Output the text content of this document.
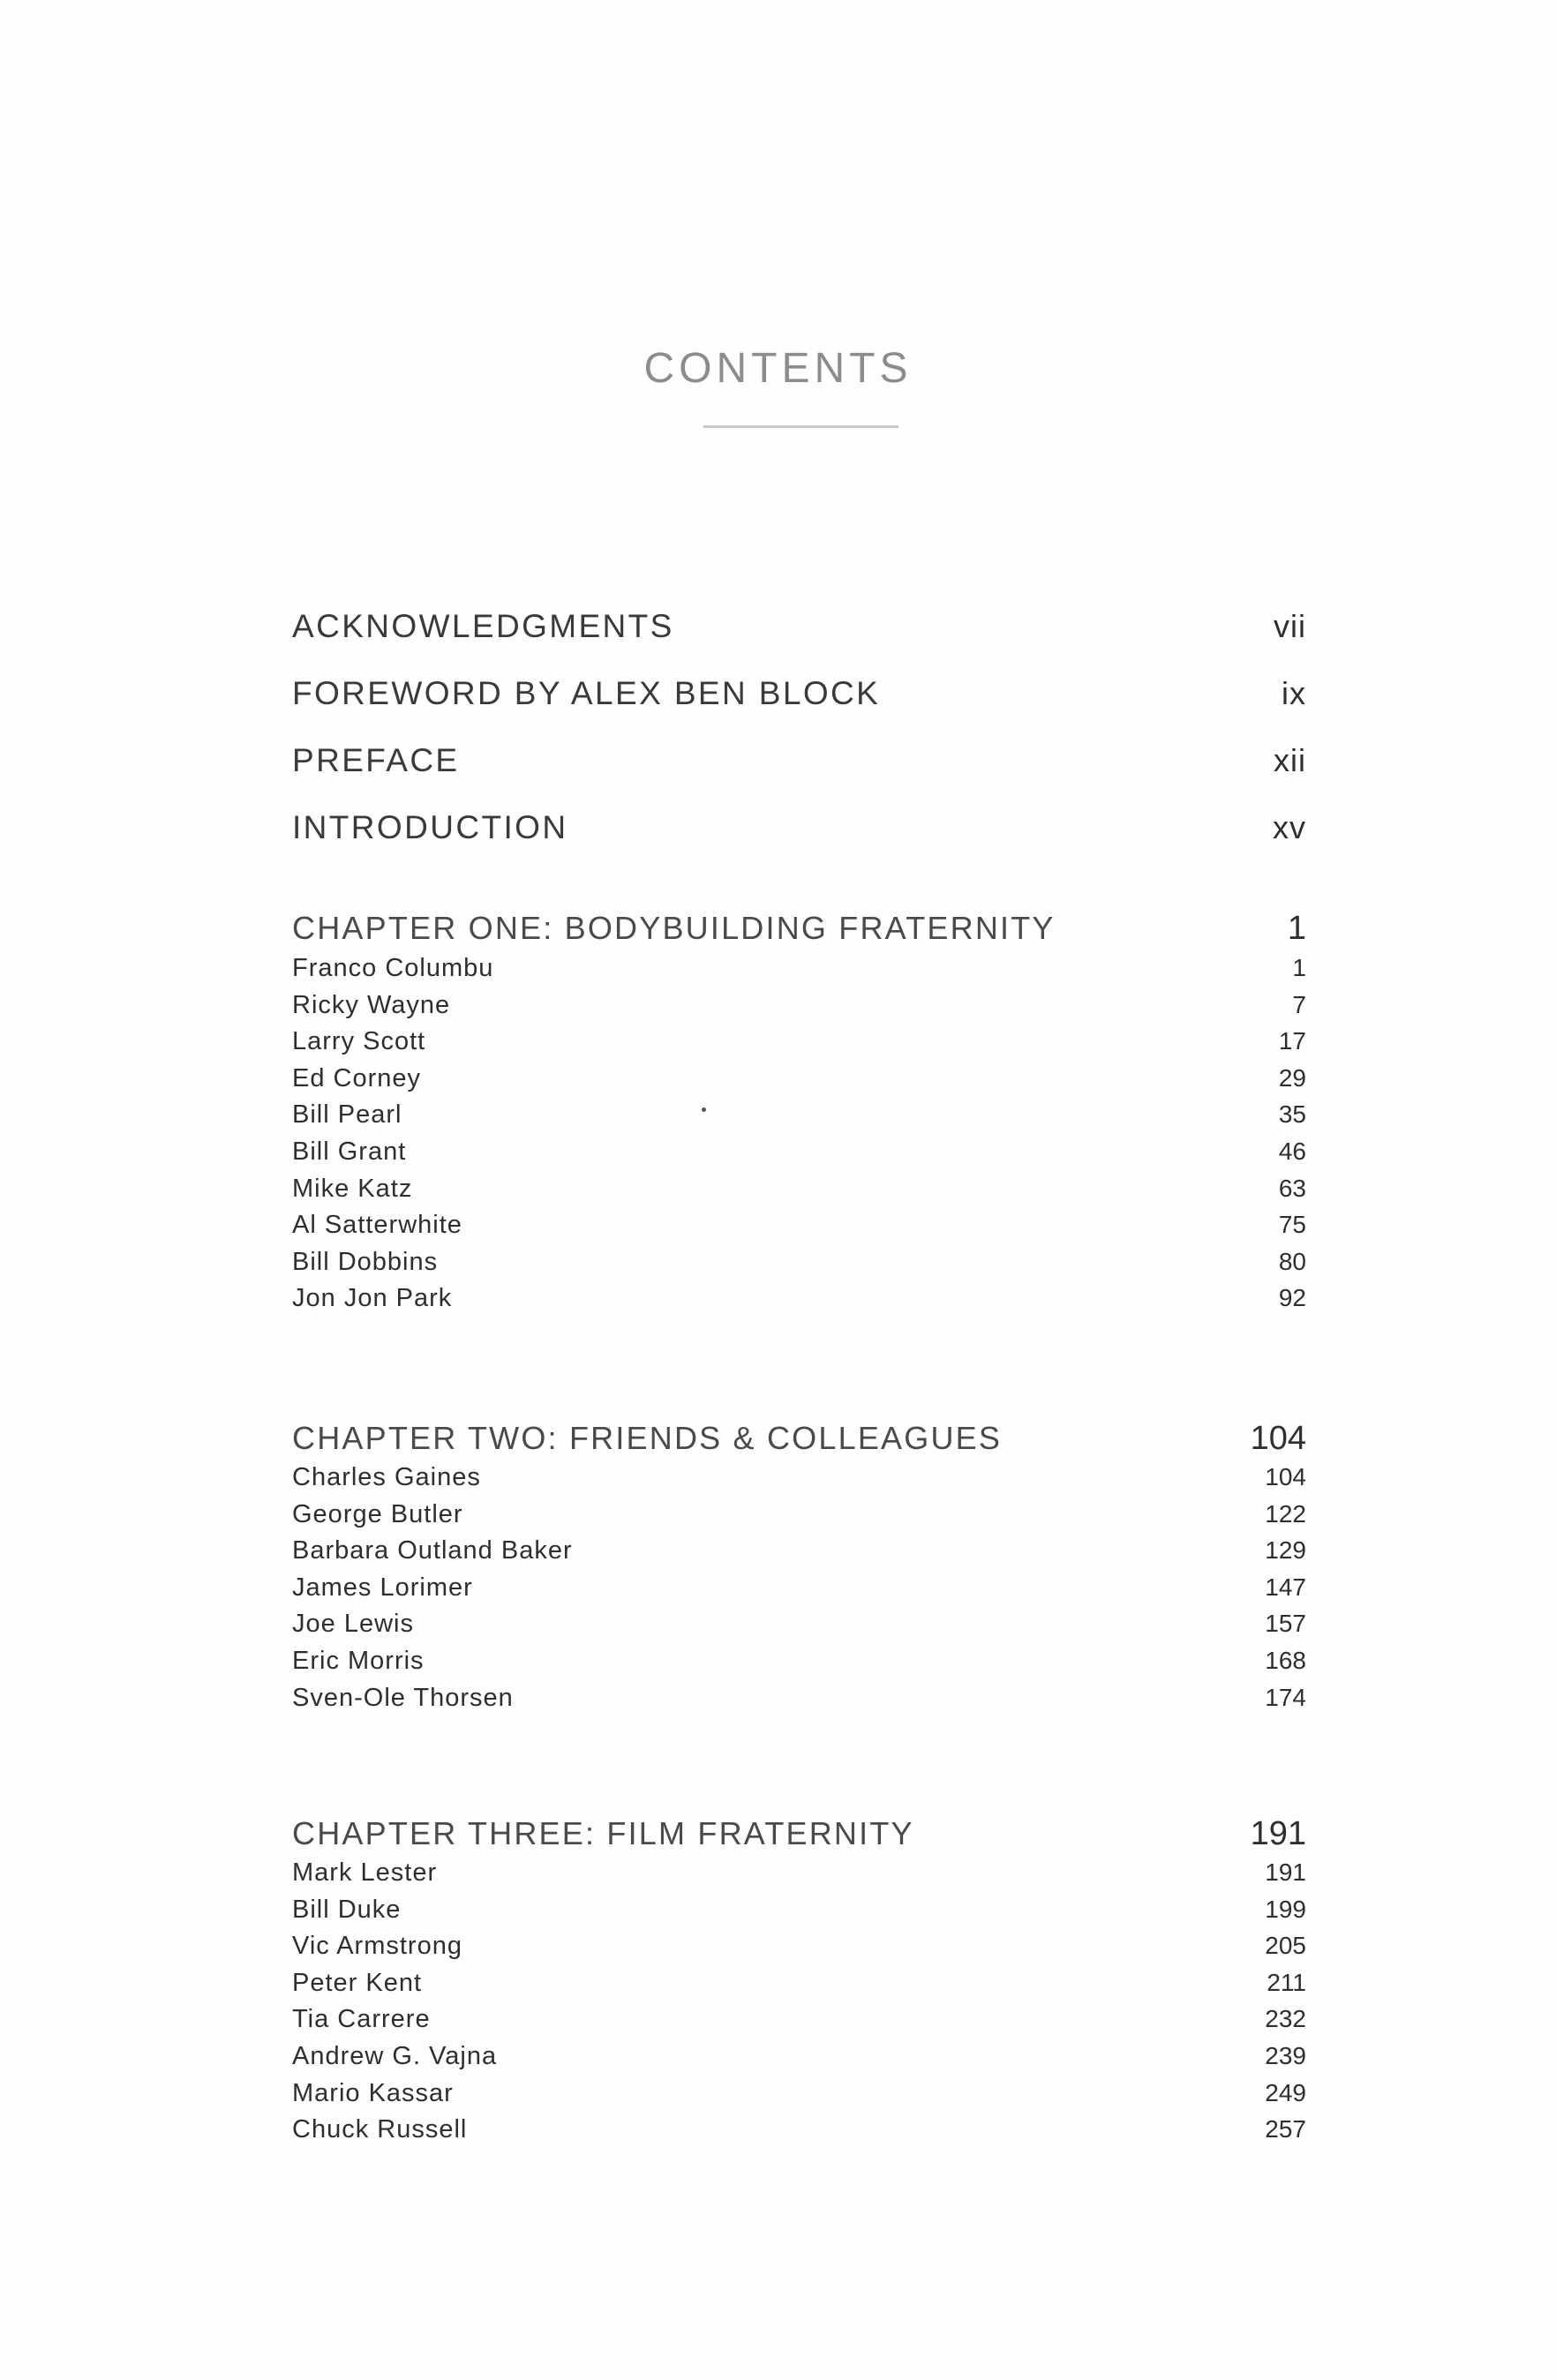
CONTENTS
ACKNOWLEDGMENTS	vii
FOREWORD BY ALEX BEN BLOCK	ix
PREFACE	xii
INTRODUCTION	xv
CHAPTER ONE: BODYBUILDING FRATERNITY	1
Franco Columbu	1
Ricky Wayne	7
Larry Scott	17
Ed Corney	29
Bill Pearl	35
Bill Grant	46
Mike Katz	63
Al Satterwhite	75
Bill Dobbins	80
Jon Jon Park	92
CHAPTER TWO: FRIENDS & COLLEAGUES	104
Charles Gaines	104
George Butler	122
Barbara Outland Baker	129
James Lorimer	147
Joe Lewis	157
Eric Morris	168
Sven-Ole Thorsen	174
CHAPTER THREE: FILM FRATERNITY	191
Mark Lester	191
Bill Duke	199
Vic Armstrong	205
Peter Kent	211
Tia Carrere	232
Andrew G. Vajna	239
Mario Kassar	249
Chuck Russell	257
